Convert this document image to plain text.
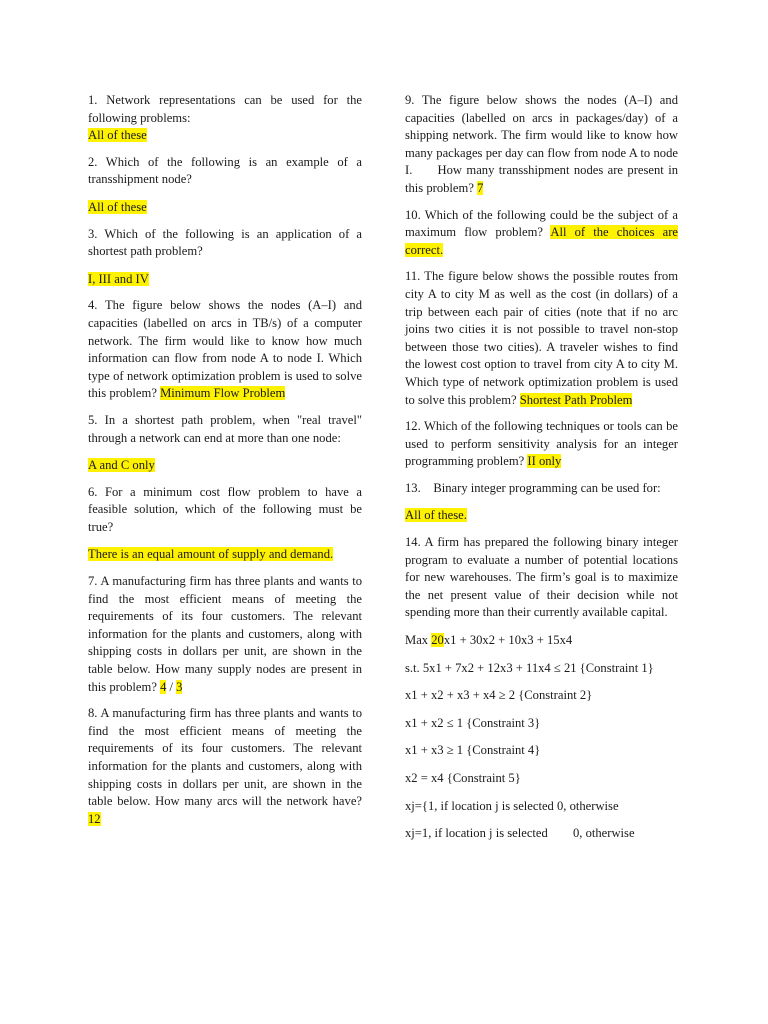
1. Network representations can be used for the following problems:
All of these
2. Which of the following is an example of a transshipment node?
All of these
3. Which of the following is an application of a shortest path problem?
I, III and IV
4. The figure below shows the nodes (A–I) and capacities (labelled on arcs in TB/s) of a computer network. The firm would like to know how much information can flow from node A to node I. Which type of network optimization problem is used to solve this problem? Minimum Flow Problem
5. In a shortest path problem, when "real travel" through a network can end at more than one node:
A and C only
6. For a minimum cost flow problem to have a feasible solution, which of the following must be true?
There is an equal amount of supply and demand.
7. A manufacturing firm has three plants and wants to find the most efficient means of meeting the requirements of its four customers. The relevant information for the plants and customers, along with shipping costs in dollars per unit, are shown in the table below. How many supply nodes are present in this problem? 4 / 3
8. A manufacturing firm has three plants and wants to find the most efficient means of meeting the requirements of its four customers. The relevant information for the plants and customers, along with shipping costs in dollars per unit, are shown in the table below. How many arcs will the network have? 12
9. The figure below shows the nodes (A–I) and capacities (labelled on arcs in packages/day) of a shipping network. The firm would like to know how many packages per day can flow from node A to node I.  How many transshipment nodes are present in this problem? 7
10. Which of the following could be the subject of a maximum flow problem? All of the choices are correct.
11. The figure below shows the possible routes from city A to city M as well as the cost (in dollars) of a trip between each pair of cities (note that if no arc joins two cities it is not possible to travel non-stop between those two cities). A traveler wishes to find the lowest cost option to travel from city A to city M. Which type of network optimization problem is used to solve this problem? Shortest Path Problem
12. Which of the following techniques or tools can be used to perform sensitivity analysis for an integer programming problem? II only
13. Binary integer programming can be used for:
All of these.
14. A firm has prepared the following binary integer program to evaluate a number of potential locations for new warehouses. The firm’s goal is to maximize the net present value of their decision while not spending more than their currently available capital.
Max 20x1 + 30x2 + 10x3 + 15x4
s.t. 5x1 + 7x2 + 12x3 + 11x4 ≤ 21 {Constraint 1}
x1 + x2 + x3 + x4 ≥ 2 {Constraint 2}
x1 + x2 ≤ 1 {Constraint 3}
x1 + x3 ≥ 1 {Constraint 4}
x2 = x4 {Constraint 5}
xj={1, if location j is selected 0, otherwise
xj=1, if location j is selected  0, otherwise
